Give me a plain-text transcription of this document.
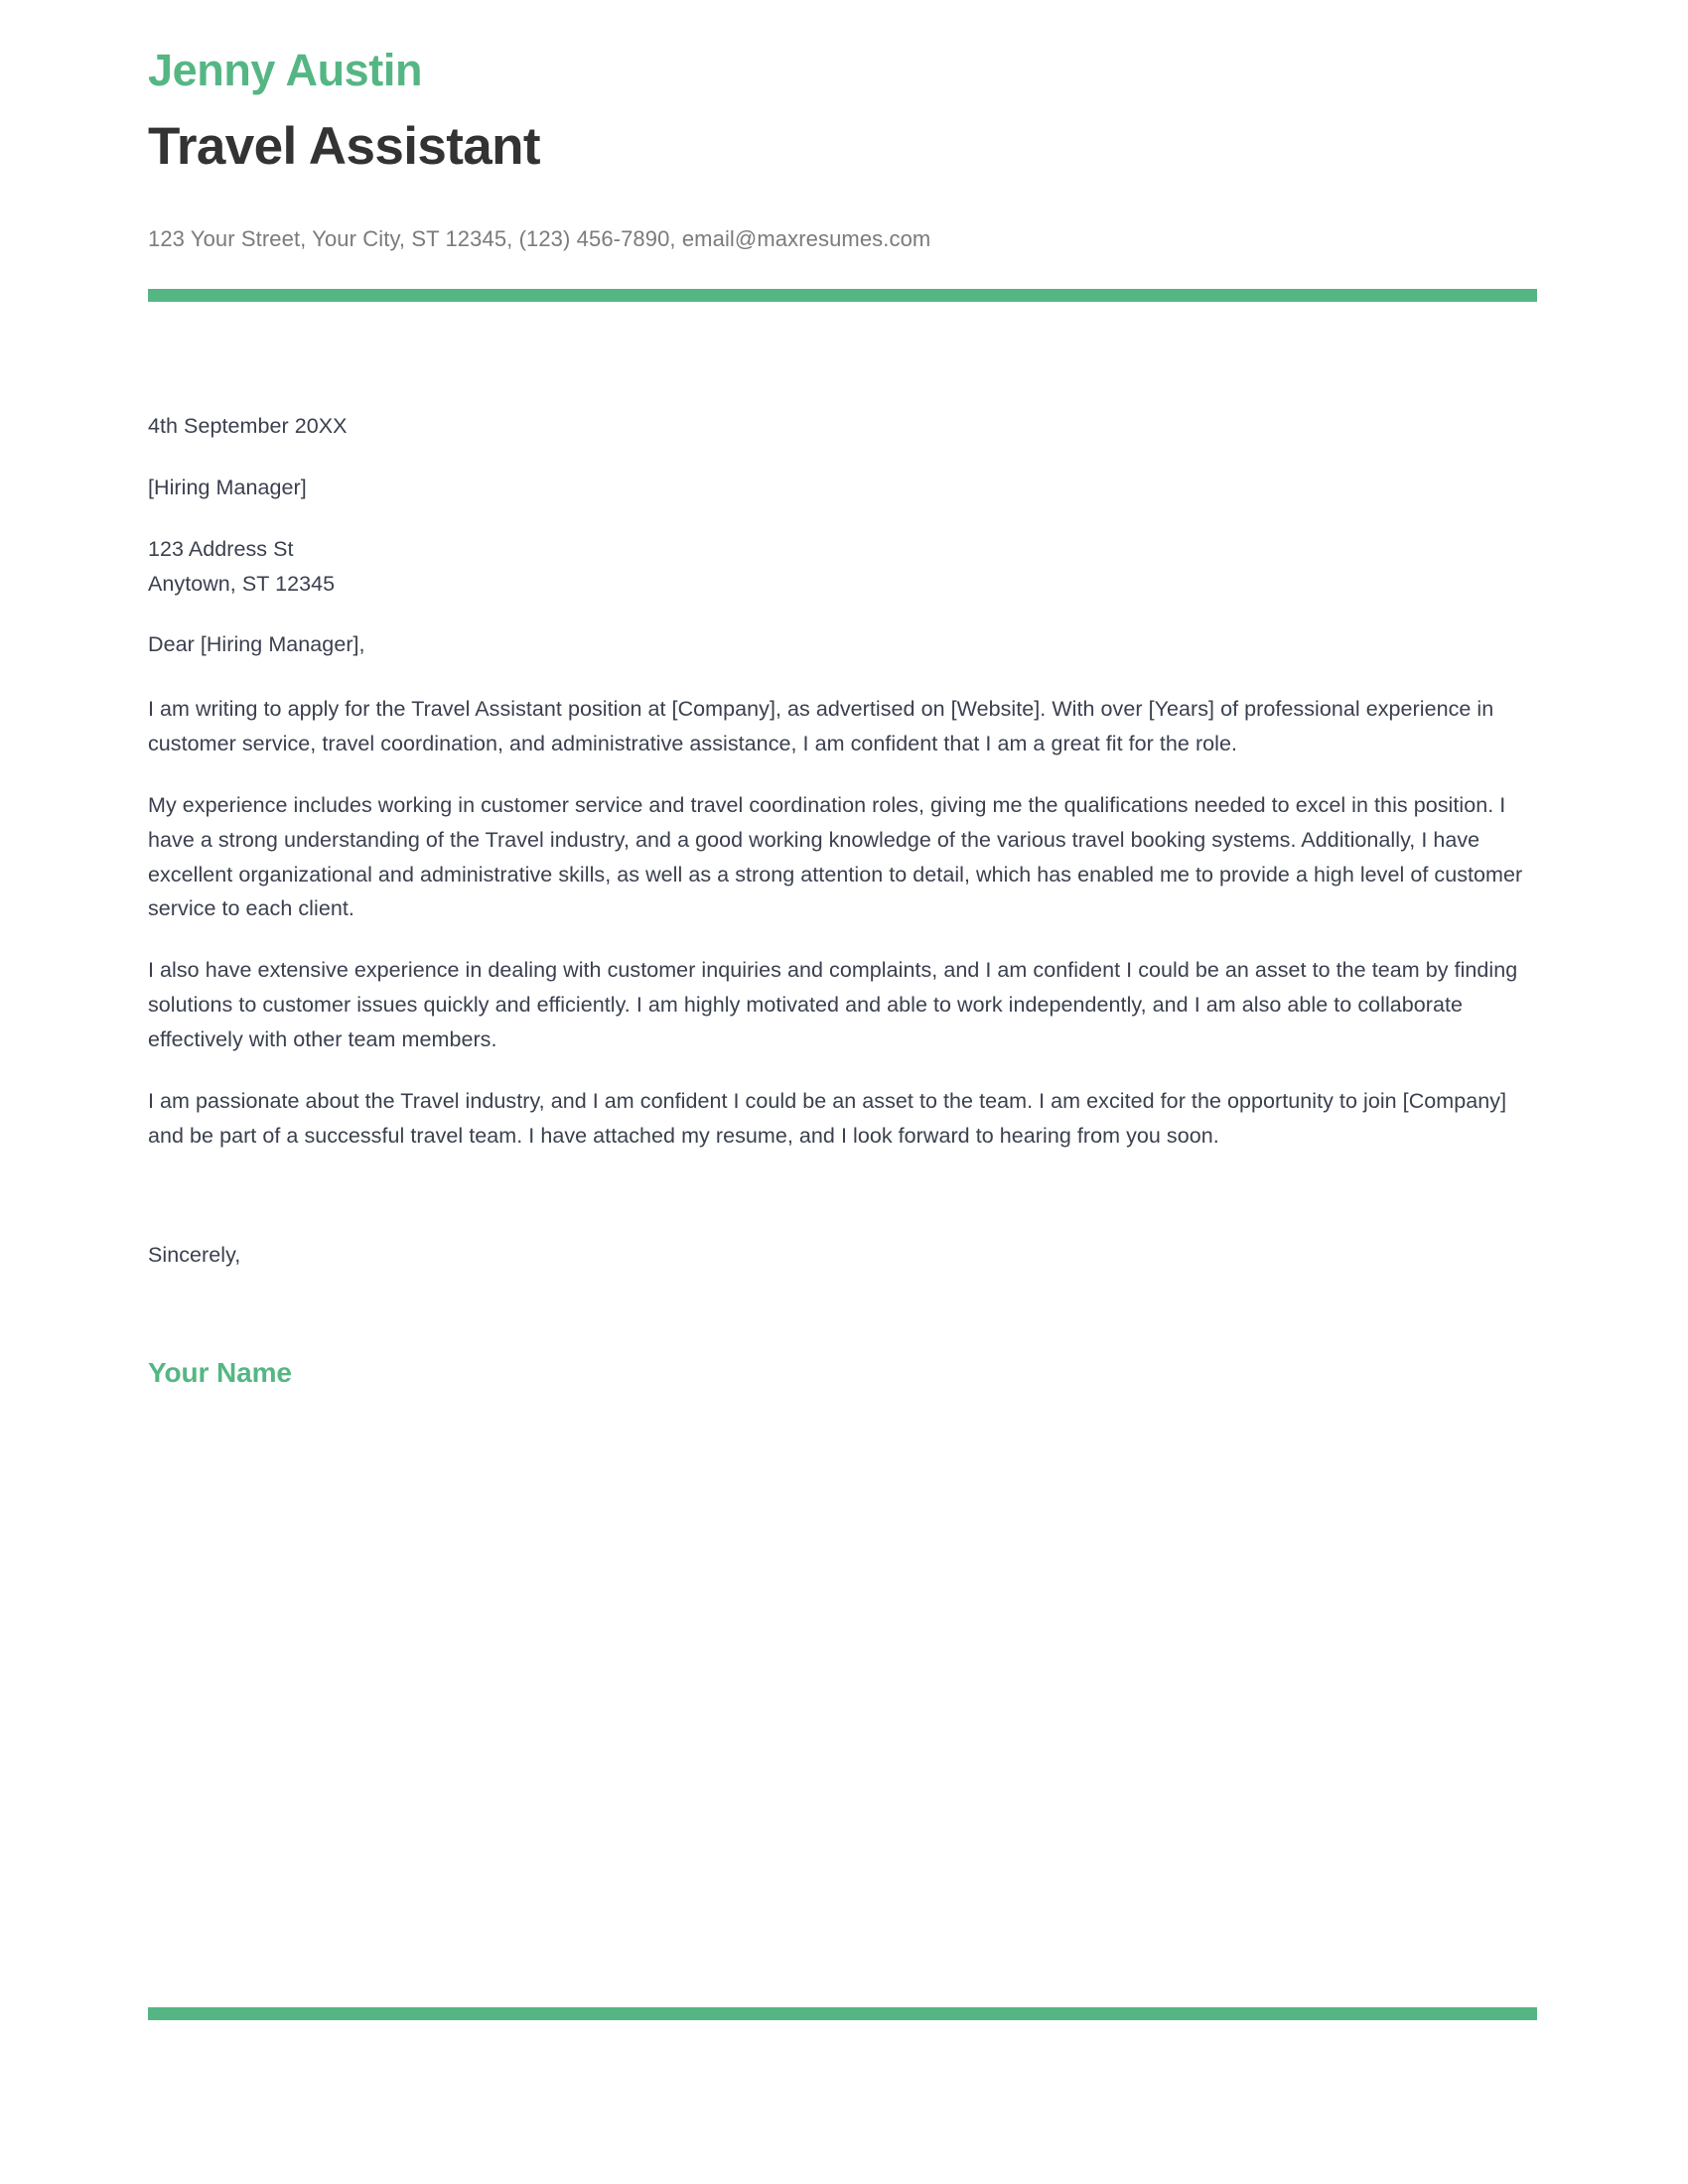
Jenny Austin
Travel Assistant
123 Your Street, Your City, ST 12345, (123) 456-7890, email@maxresumes.com
4th September 20XX
[Hiring Manager]
123 Address St
Anytown, ST 12345
Dear [Hiring Manager],

I am writing to apply for the Travel Assistant position at [Company], as advertised on [Website]. With over [Years] of professional experience in customer service, travel coordination, and administrative assistance, I am confident that I am a great fit for the role.

My experience includes working in customer service and travel coordination roles, giving me the qualifications needed to excel in this position. I have a strong understanding of the Travel industry, and a good working knowledge of the various travel booking systems. Additionally, I have excellent organizational and administrative skills, as well as a strong attention to detail, which has enabled me to provide a high level of customer service to each client.

I also have extensive experience in dealing with customer inquiries and complaints, and I am confident I could be an asset to the team by finding solutions to customer issues quickly and efficiently. I am highly motivated and able to work independently, and I am also able to collaborate effectively with other team members.

I am passionate about the Travel industry, and I am confident I could be an asset to the team. I am excited for the opportunity to join [Company] and be part of a successful travel team. I have attached my resume, and I look forward to hearing from you soon.

Sincerely,
Your Name
